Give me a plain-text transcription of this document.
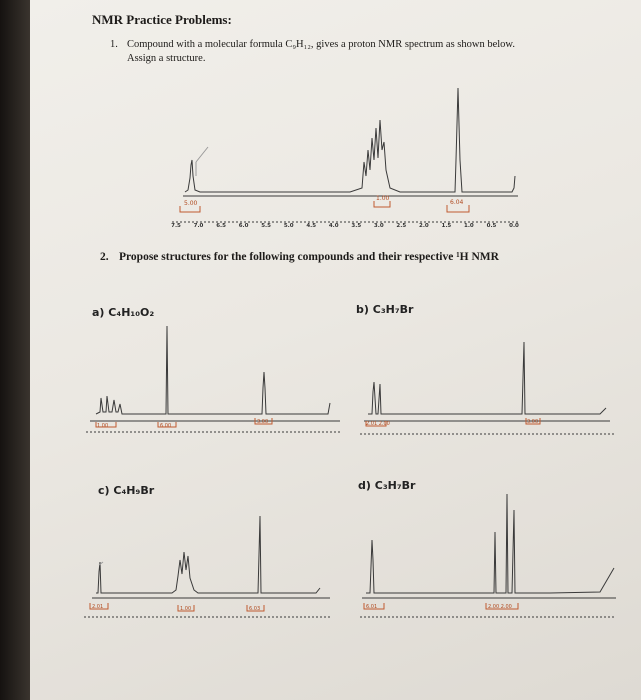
NMR Practice Problems:
1. Compound with a molecular formula C₉H₁₂, gives a proton NMR spectrum as shown below.
Assign a structure.
2. Propose structures for the following compounds and their respective ¹H NMR
a) C₄H₁₀O₂	b) C₃H₇Br
c) C₄H₉Br	d) C₃H₇Br
5.00
1.00
6.04
1.00	6.00
3.00	2.01 2.00	3.00
2.01	1.00	6.03	6.01	2.00 2.00
7.5 7.0 6.5 6.0 5.5 5.0 4.5 4.0 3.5 3.0 2.5 2.0 1.5 1.0 0.5 0.0
